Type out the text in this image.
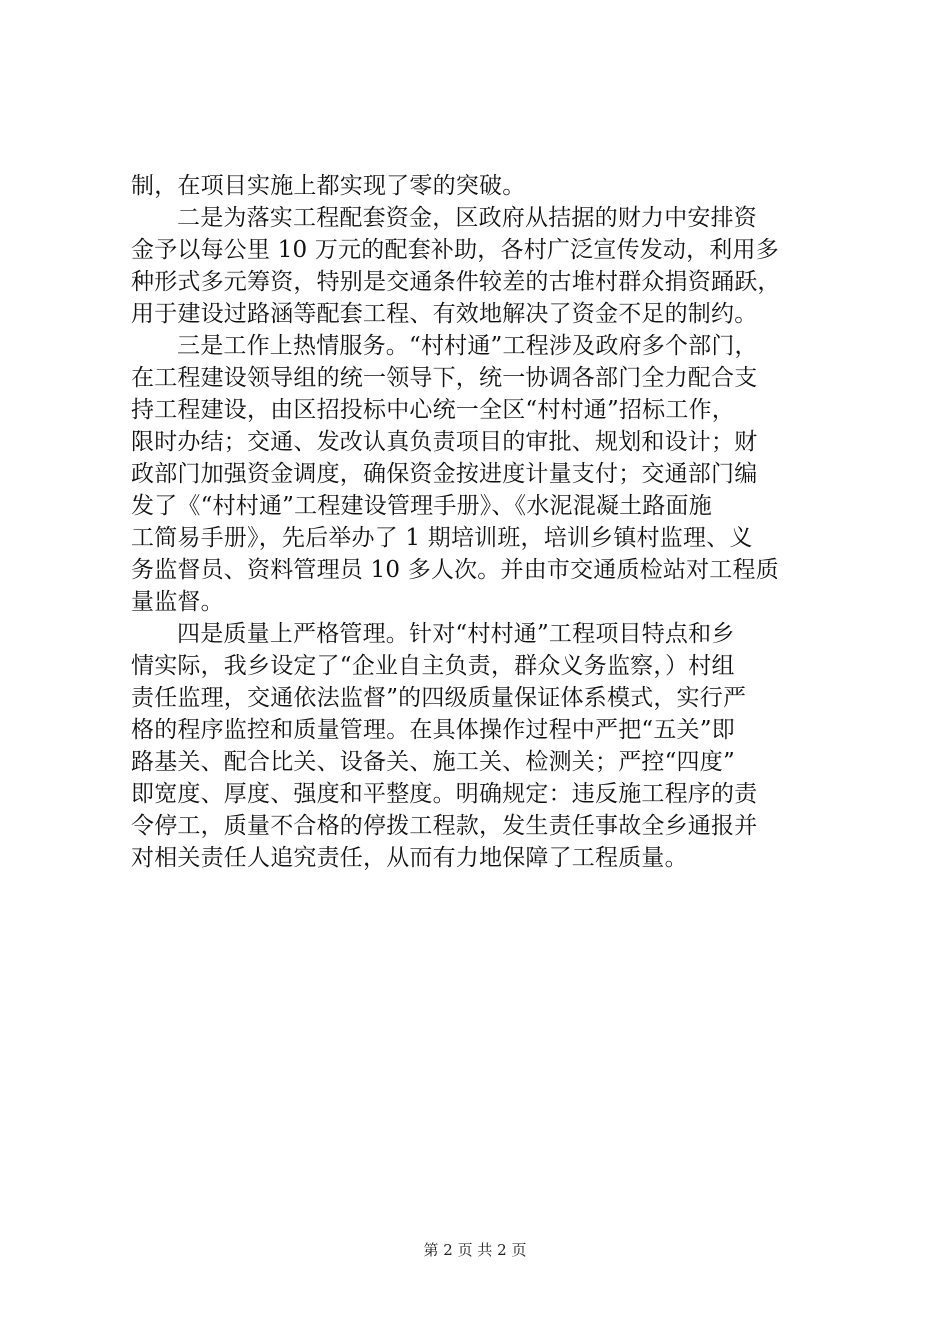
制，在项目实施上都实现了零的突破。
二是为落实工程配套资金，区政府从拮据的财力中安排资
金予以每公里 10 万元的配套补助，各村广泛宣传发动，利用多
种形式多元筹资，特别是交通条件较差的古堆村群众捐资踊跃，
用于建设过路涵等配套工程、有效地解决了资金不足的制约。
三是工作上热情服务。“村村通”工程涉及政府多个部门，
在工程建设领导组的统一领导下，统一协调各部门全力配合支
持工程建设，由区招投标中心统一全区“村村通”招标工作，
限时办结；交通、发改认真负责项目的审批、规划和设计；财
政部门加强资金调度，确保资金按进度计量支付；交通部门编
发了《“村村通”工程建设管理手册》、《水泥混凝土路面施
工简易手册》，先后举办了 1 期培训班，培训乡镇村监理、义
务监督员、资料管理员 10 多人次。并由市交通质检站对工程质
量监督。
四是质量上严格管理。针对“村村通”工程项目特点和乡
情实际，我乡设定了“企业自主负责，群众义务监察，）村组
责任监理，交通依法监督”的四级质量保证体系模式，实行严
格的程序监控和质量管理。在具体操作过程中严把“五关”即
路基关、配合比关、设备关、施工关、检测关；严控“四度”
即宽度、厚度、强度和平整度。明确规定：违反施工程序的责
令停工，质量不合格的停拨工程款，发生责任事故全乡通报并
对相关责任人追究责任，从而有力地保障了工程质量。
第 2 页 共 2 页
